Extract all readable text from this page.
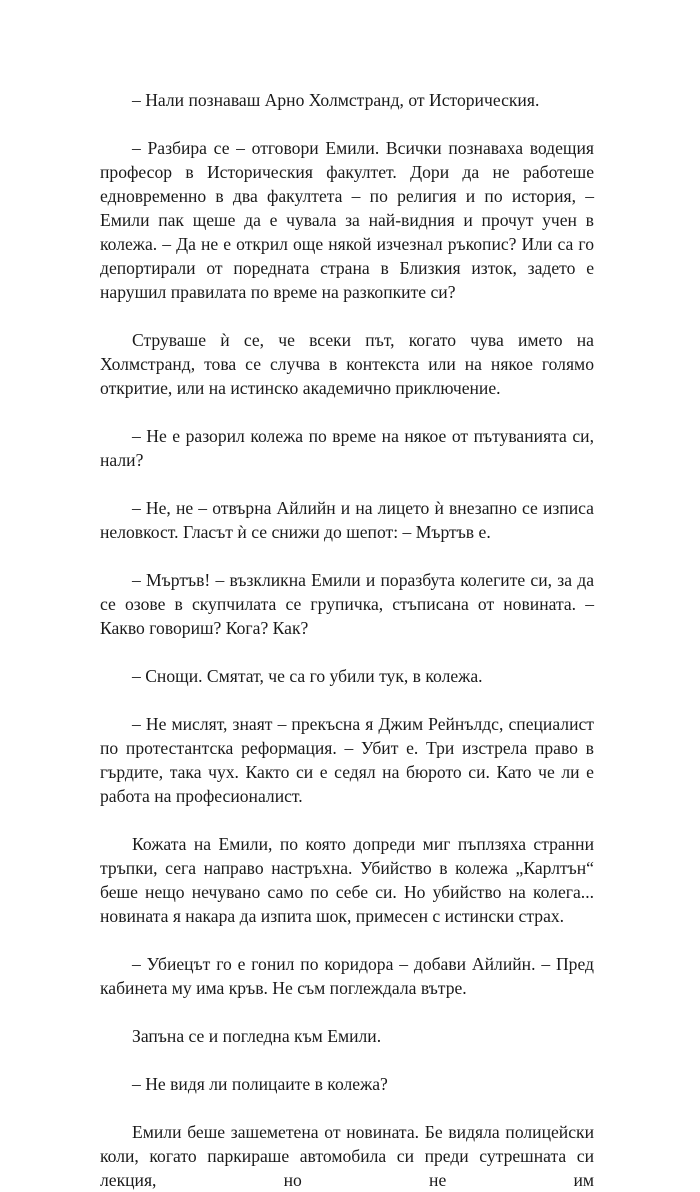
– Нали познаваш Арно Холмстранд, от Историческия.

– Разбира се – отговори Емили. Всички познаваха водещия професор в Историческия факултет. Дори да не работеше едновременно в два факултета – по религия и по история, – Емили пак щеше да е чувала за най-видния и прочут учен в колежа. – Да не е открил още някой изчезнал ръкопис? Или са го депортирали от поредната страна в Близкия изток, задето е нарушил правилата по време на разкопките си?

Струваше ѝ се, че всеки път, когато чува името на Холмстранд, това се случва в контекста или на някое голямо откритие, или на истинско академично приключение.

– Не е разорил колежа по време на някое от пътуванията си, нали?

– Не, не – отвърна Айлийн и на лицето ѝ внезапно се изписа неловкост. Гласът ѝ се снижи до шепот: – Мъртъв е.

– Мъртъв! – възкликна Емили и поразбута колегите си, за да се озове в скупчилата се групичка, стъписана от новината. – Какво говориш? Кога? Как?

– Снощи. Смятат, че са го убили тук, в колежа.

– Не мислят, знаят – прекъсна я Джим Рейнълдс, специалист по протестантска реформация. – Убит е. Три изстрела право в гърдите, така чух. Както си е седял на бюрото си. Като че ли е работа на професионалист.

Кожата на Емили, по която допреди миг пъплзяха странни тръпки, сега направо настръхна. Убийство в колежа „Карлтън“ беше нещо нечувано само по себе си. Но убийство на колега... новината я накара да изпита шок, примесен с истински страх.

– Убиецът го е гонил по коридора – добави Айлийн. – Пред кабинета му има кръв. Не съм поглеждала вътре.

Запъна се и погледна към Емили.

– Не видя ли полицаите в колежа?

Емили беше зашеметена от новината. Бе видяла полицейски коли, когато паркираше автомобила си преди сутрешната си лекция, но не им
